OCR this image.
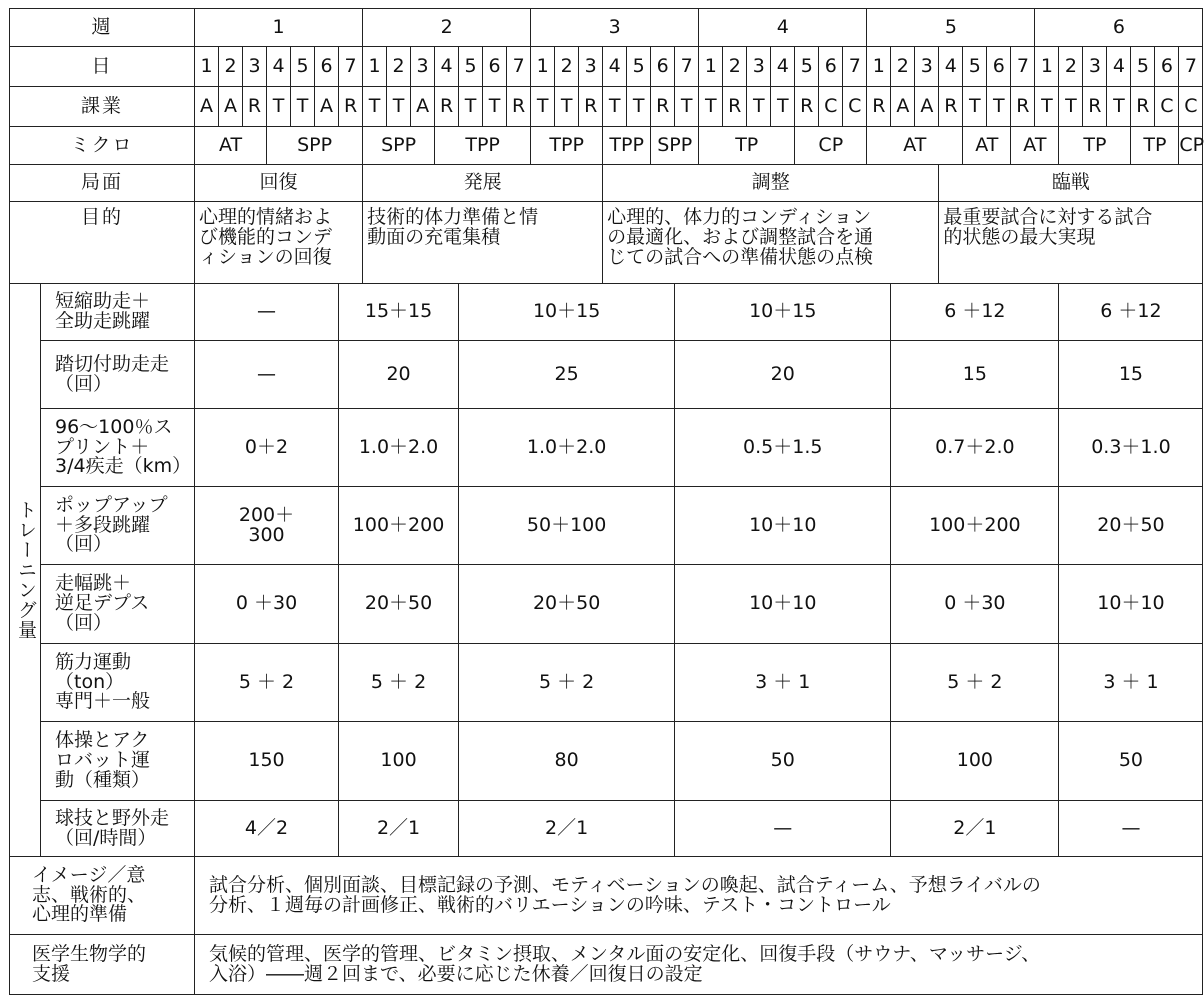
週		1							2							3							4							5							6						
日		1	2	3	4	5	6	7	1	2	3	4	5	6	7	1	2	3	4	5	6	7	1	2	3	4	5	6	7	1	2	3	4	5	6	7	1	2	3	4	5	6	7
課業		A	A	R	T	T	A	R	T	T	A	R	T	T	R	T	T	R	T	T	R	T	T	R	T	T	R	C	C	R	A	A	R	T	T	R	T	T	R	T	R	C	C
ミクロ		AT			SPP				SPP			TPP				TPP			TPP		SPP		TP				CP			AT				AT		AT		TP			TP		CP
局面		回復							発展										調整														臨戦										
目的		心理的情緒およ
び機能的コンデ
ィションの回復							技術的体力準備と情
動面の充電集積										心理的、体力的コンディション
の最適化、および調整試合を通
じての試合への準備状態の点検														最重要試合に対する試合
的状態の最大実現										

トレーニング量	短縮助走＋
全助走跳躍	—						15＋15					10＋15									10＋15									6 ＋12							6 ＋12					

	踏切付助走走
（回）	—						20					25									20									15							15					

	96〜100％ス
プリント＋
3/4疾走（km）	0＋2						1.0＋2.0					1.0＋2.0									0.5＋1.5									0.7＋2.0							0.3＋1.0					

	ポップアップ
＋多段跳躍
（回）	200＋
300						100＋200					50＋100									10＋10									100＋200							20＋50					

	走幅跳＋
逆足デプス
（回）	0 ＋30						20＋50					20＋50									10＋10									0 ＋30							10＋10					

	筋力運動
（ton）
専門＋一般	5 ＋ 2						5 ＋ 2					5 ＋ 2									3 ＋ 1									5 ＋ 2							3 ＋ 1					

	体操とアク
ロバット運
動（種類）	150						100					80									50									100							50					

	球技と野外走
（回/時間）	4／2						2／1					2／1									—									2／1							—					

イメージ／意
志、戦術的、
心理的準備		試合分析、個別面談、目標記録の予測、モティベーションの喚起、試合ティーム、予想ライバルの
分析、１週毎の計画修正、戦術的バリエーションの吟味、テスト・コントロール																																									

医学生物学的
支援		気候的管理、医学的管理、ビタミン摂取、メンタル面の安定化、回復手段（サウナ、マッサージ、
入浴）――週２回まで、必要に応じた休養／回復日の設定																																									
